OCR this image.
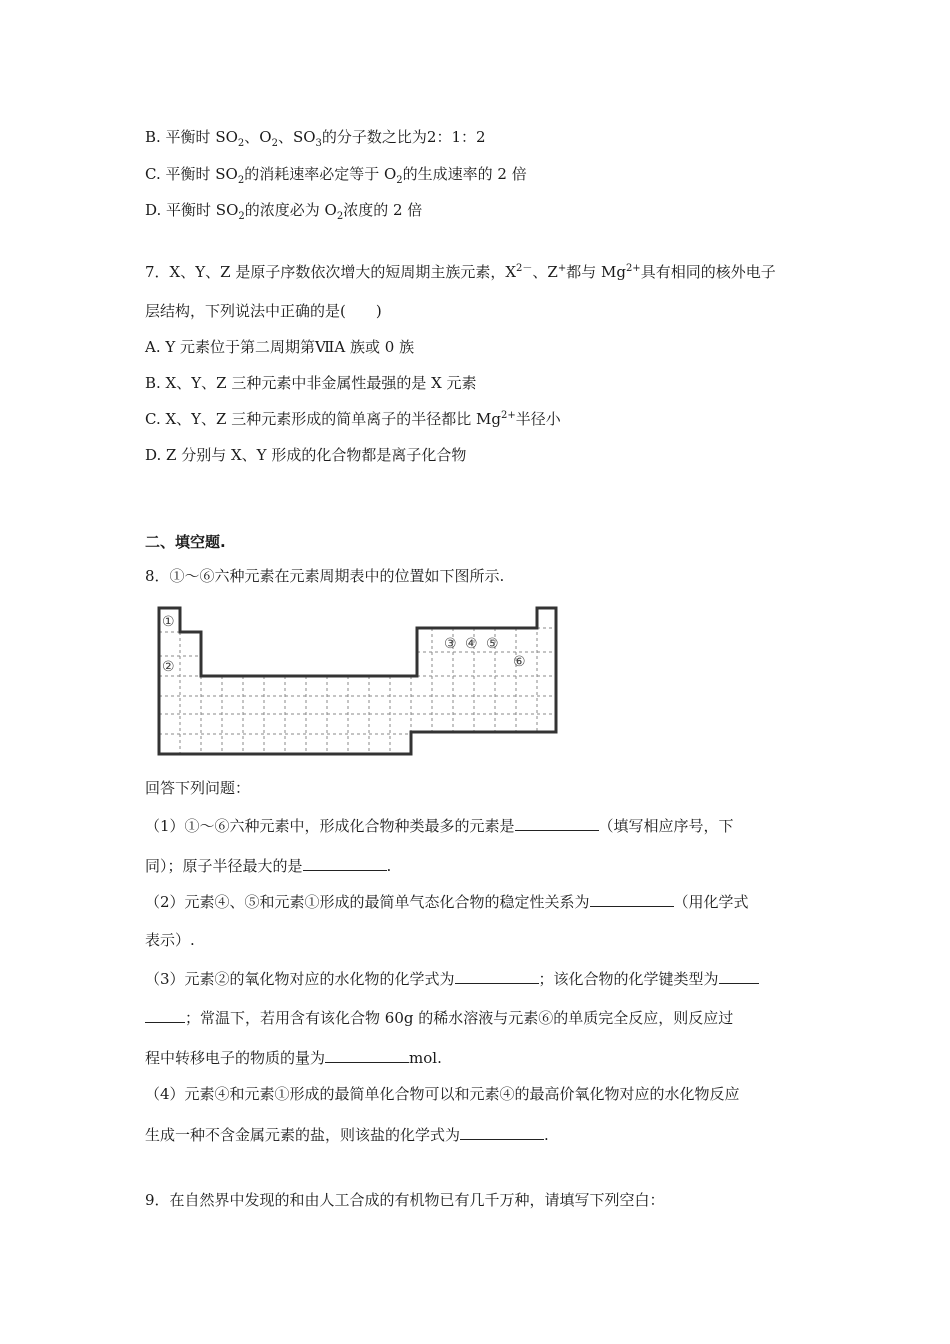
B. 平衡时 $SO_2$、$O_2$、$SO_3$的分子数之比为2：1：2
C. 平衡时 $SO_2$的消耗速率必定等于 $O_2$的生成速率的 2 倍
D. 平衡时 $SO_2$的浓度必为 $O_2$浓度的 2 倍
7．X、Y、Z 是原子序数依次增大的短周期主族元素，$X^{2-}$、Z+都与 $Mg^{2+}$具有相同的核外电子
层结构，下列说法中正确的是(　　)
A. Y 元素位于第二周期第ⅦA 族或 0 族
B. X、Y、Z 三种元素中非金属性最强的是 X 元素
C. X、Y、Z 三种元素形成的简单离子的半径都比 $Mg^{2+}$半径小
D. Z 分别与 X、Y 形成的化合物都是离子化合物
二、填空题.
8．①～⑥六种元素在元素周期表中的位置如下图所示.
①
②
③ ④ ⑤
⑥
回答下列问题：
（1）①～⑥六种元素中，形成化合物种类最多的元素是	（填写相应序号，下
同）；原子半径最大的是	.
（2）元素④、⑤和元素①形成的最简单气态化合物的稳定性关系为	（用化学式
表示）.
（3）元素②的氧化物对应的水化物的化学式为	；该化合物的化学键类型为
；常温下，若用含有该化合物 60g 的稀水溶液与元素⑥的单质完全反应，则反应过
程中转移电子的物质的量为	mol.
（4）元素④和元素①形成的最简单化合物可以和元素④的最高价氧化物对应的水化物反应
生成一种不含金属元素的盐，则该盐的化学式为	.
9．在自然界中发现的和由人工合成的有机物已有几千万种，请填写下列空白：
